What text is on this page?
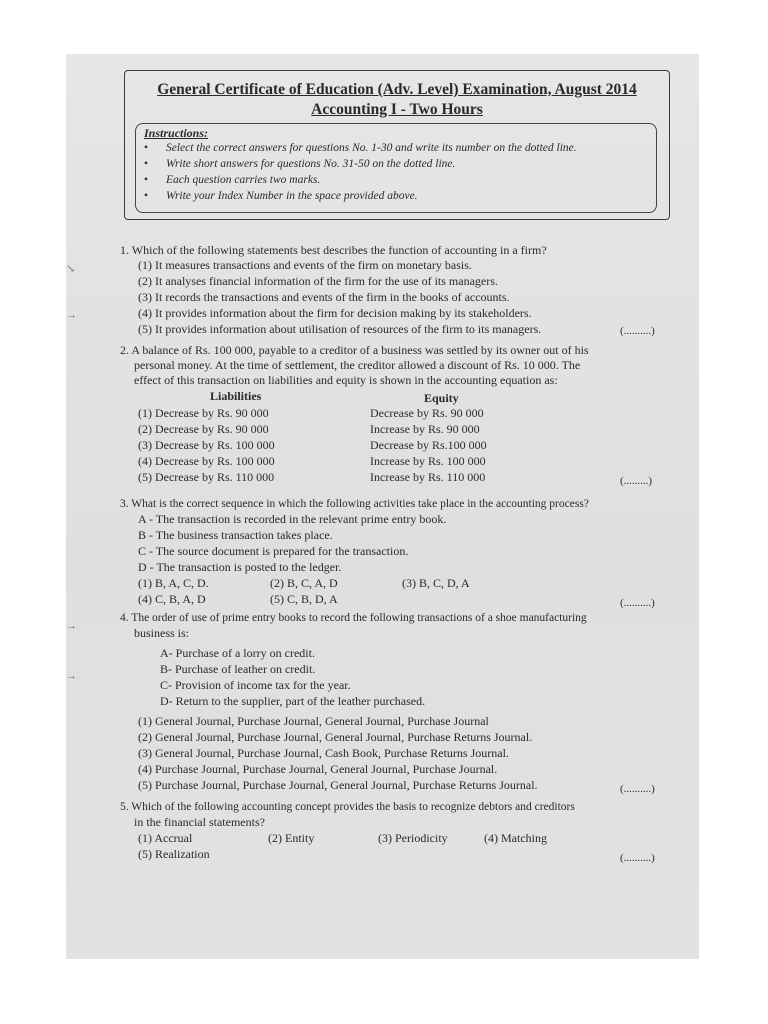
↘
→
→
→
General Certificate of Education (Adv. Level) Examination, August 2014
Accounting I - Two Hours
Instructions:
• Select the correct answers for questions No. 1-30 and write its number on the dotted line.
• Write short answers for questions No. 31-50 on the dotted line.
• Each question carries two marks.
• Write your Index Number in the space provided above.
1. Which of the following statements best describes the function of accounting in a firm?
(1) It measures transactions and events of the firm on monetary basis.
(2) It analyses financial information of the firm for the use of its managers.
(3) It records the transactions and events of the firm in the books of accounts.
(4) It provides information about the firm for decision making by its stakeholders.
(5) It provides information about utilisation of resources of the firm to its managers.	(..........)
2. A balance of Rs. 100 000, payable to a creditor of a business was settled by its owner out of his
personal money. At the time of settlement, the creditor allowed a discount of Rs. 10 000. The
effect of this transaction on liabilities and equity is shown in the accounting equation as:
Liabilities	Equity
(1) Decrease by Rs. 90 000	Decrease by Rs. 90 000
(2) Decrease by Rs. 90 000	Increase by Rs. 90 000
(3) Decrease by Rs. 100 000	Decrease by Rs.100 000
(4) Decrease by Rs. 100 000	Increase by Rs. 100 000
(5) Decrease by Rs. 110 000	Increase by Rs. 110 000	(.........)
3. What is the correct sequence in which the following activities take place in the accounting process?
A - The transaction is recorded in the relevant prime entry book.
B - The business transaction takes place.
C - The source document is prepared for the transaction.
D - The transaction is posted to the ledger.
(1) B, A, C, D.	(2) B, C, A, D	(3) B, C, D, A
(4) C, B, A, D	(5) C, B, D, A	(..........)
4. The order of use of prime entry books to record the following transactions of a shoe manufacturing
business is:
A- Purchase of a lorry on credit.
B- Purchase of leather on credit.
C- Provision of income tax for the year.
D- Return to the supplier, part of the leather purchased.
(1) General Journal, Purchase Journal, General Journal, Purchase Journal
(2) General Journal, Purchase Journal, General Journal, Purchase Returns Journal.
(3) General Journal, Purchase Journal, Cash Book, Purchase Returns Journal.
(4) Purchase Journal, Purchase Journal, General Journal, Purchase Journal.
(5) Purchase Journal, Purchase Journal, General Journal, Purchase Returns Journal.	(..........)
5. Which of the following accounting concept provides the basis to recognize debtors and creditors
in the financial statements?
(1) Accrual	(2) Entity	(3) Periodicity	(4) Matching
(5) Realization	(..........)
